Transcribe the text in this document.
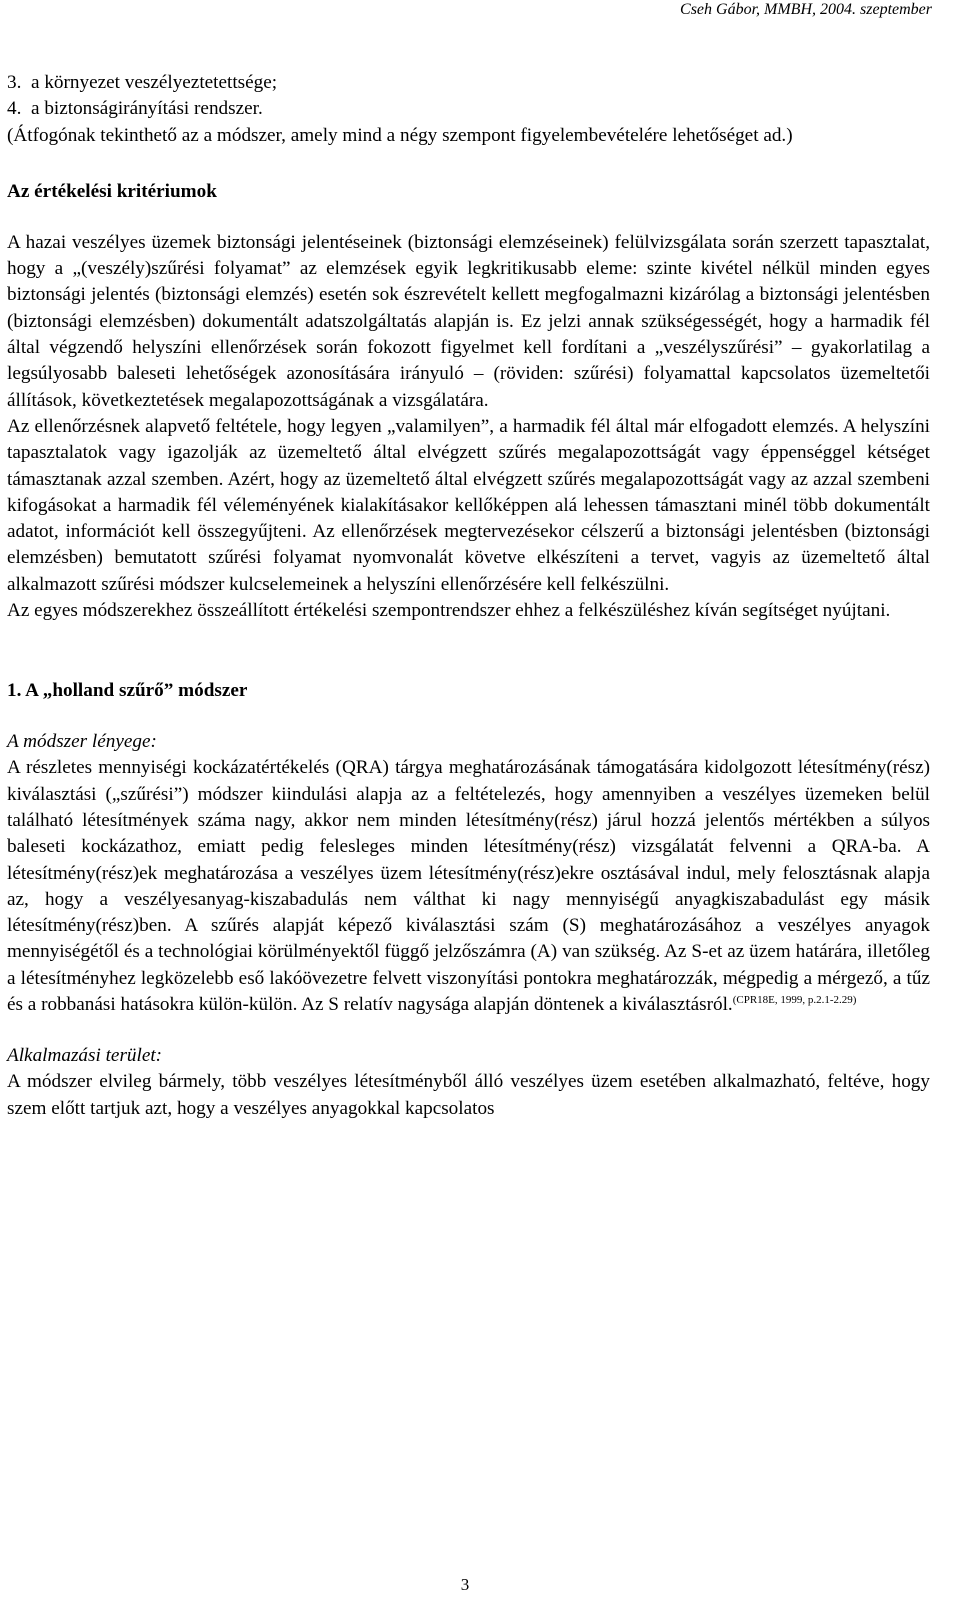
Cseh Gábor, MMBH, 2004. szeptember
3. a környezet veszélyeztetettsége;
4. a biztonságirányítási rendszer.

(Átfogónak tekinthető az a módszer, amely mind a négy szempont figyelembevételére lehetőséget ad.)

Az értékelési kritériumok

A hazai veszélyes üzemek biztonsági jelentéseinek (biztonsági elemzéseinek) felülvizsgálata során szerzett tapasztalat, hogy a „(veszély)szűrési folyamat” az elemzések egyik legkritikusabb eleme: szinte kivétel nélkül minden egyes biztonsági jelentés (biztonsági elemzés) esetén sok észrevételt kellett megfogalmazni kizárólag a biztonsági jelentésben (biztonsági elemzésben) dokumentált adatszolgáltatás alapján is. Ez jelzi annak szükségességét, hogy a harmadik fél által végzendő helyszíni ellenőrzések során fokozott figyelmet kell fordítani a „veszélyszűrési” – gyakorlatilag a legsúlyosabb baleseti lehetőségek azonosítására irányuló – (röviden: szűrési) folyamattal kapcsolatos üzemeltetői állítások, következtetések megalapozottságának a vizsgálatára.

Az ellenőrzésnek alapvető feltétele, hogy legyen „valamilyen”, a harmadik fél által már elfogadott elemzés. A helyszíni tapasztalatok vagy igazolják az üzemeltető által elvégzett szűrés megalapozottságát vagy éppenséggel kétséget támasztanak azzal szemben. Azért, hogy az üzemeltető által elvégzett szűrés megalapozottságát vagy az azzal szembeni kifogásokat a harmadik fél véleményének kialakításakor kellőképpen alá lehessen támasztani minél több dokumentált adatot, információt kell összegyűjteni. Az ellenőrzések megtervezésekor célszerű a biztonsági jelentésben (biztonsági elemzésben) bemutatott szűrési folyamat nyomvonalát követve elkészíteni a tervet, vagyis az üzemeltető által alkalmazott szűrési módszer kulcselemeinek a helyszíni ellenőrzésére kell felkészülni.

Az egyes módszerekhez összeállított értékelési szempontrendszer ehhez a felkészüléshez kíván segítséget nyújtani.

1. A „holland szűrő” módszer

A módszer lényege:

A részletes mennyiségi kockázatértékelés (QRA) tárgya meghatározásának támogatására kidolgozott létesítmény(rész) kiválasztási („szűrési”) módszer kiindulási alapja az a feltételezés, hogy amennyiben a veszélyes üzemeken belül található létesítmények száma nagy, akkor nem minden létesítmény(rész) járul hozzá jelentős mértékben a súlyos baleseti kockázathoz, emiatt pedig felesleges minden létesítmény(rész) vizsgálatát felvenni a QRA-ba. A létesítmény(rész)ek meghatározása a veszélyes üzem létesítmény(rész)ekre osztásával indul, mely felosztásnak alapja az, hogy a veszélyesanyag-kiszabadulás nem válthat ki nagy mennyiségű anyagkiszabadulást egy másik létesítmény(rész)ben. A szűrés alapját képező kiválasztási szám (S) meghatározásához a veszélyes anyagok mennyiségétől és a technológiai körülményektől függő jelzőszámra (A) van szükség. Az S-et az üzem határára, illetőleg a létesítményhez legközelebb eső lakóövezetre felvett viszonyítási pontokra meghatározzák, mégpedig a mérgező, a tűz és a robbanási hatásokra külön-külön. Az S relatív nagysága alapján döntenek a kiválasztásról.$^{(CPR18E, 1999, p.2.1-2.29)}$

Alkalmazási terület:

A módszer elvileg bármely, több veszélyes létesítményből álló veszélyes üzem esetében alkalmazható, feltéve, hogy szem előtt tartjuk azt, hogy a veszélyes anyagokkal kapcsolatos

3
